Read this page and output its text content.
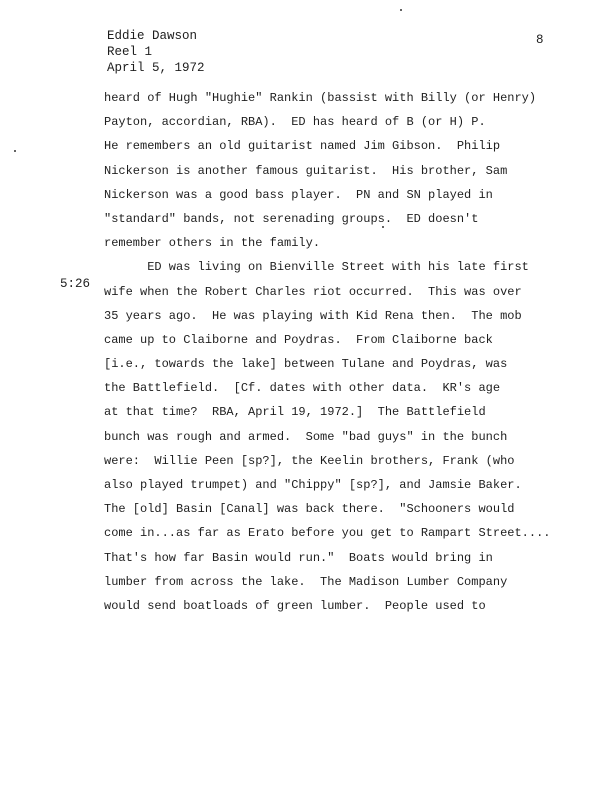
Eddie Dawson
Reel 1
April 5, 1972
8
5:26
heard of Hugh "Hughie" Rankin (bassist with Billy (or Henry)
Payton, accordian, RBA).  ED has heard of B (or H) P.
He remembers an old guitarist named Jim Gibson.  Philip
Nickerson is another famous guitarist.  His brother, Sam
Nickerson was a good bass player.  PN and SN played in
"standard" bands, not serenading groups.  ED doesn't
remember others in the family.
ED was living on Bienville Street with his late first
wife when the Robert Charles riot occurred.  This was over
35 years ago.  He was playing with Kid Rena then.  The mob
came up to Claiborne and Poydras.  From Claiborne back
[i.e., towards the lake] between Tulane and Poydras, was
the Battlefield.  [Cf. dates with other data.  KR's age
at that time?  RBA, April 19, 1972.]  The Battlefield
bunch was rough and armed.  Some "bad guys" in the bunch
were:  Willie Peen [sp?], the Keelin brothers, Frank (who
also played trumpet) and "Chippy" [sp?], and Jamsie Baker.
The [old] Basin [Canal] was back there.  "Schooners would
come in...as far as Erato before you get to Rampart Street....
That's how far Basin would run."  Boats would bring in
lumber from across the lake.  The Madison Lumber Company
would send boatloads of green lumber.  People used to
